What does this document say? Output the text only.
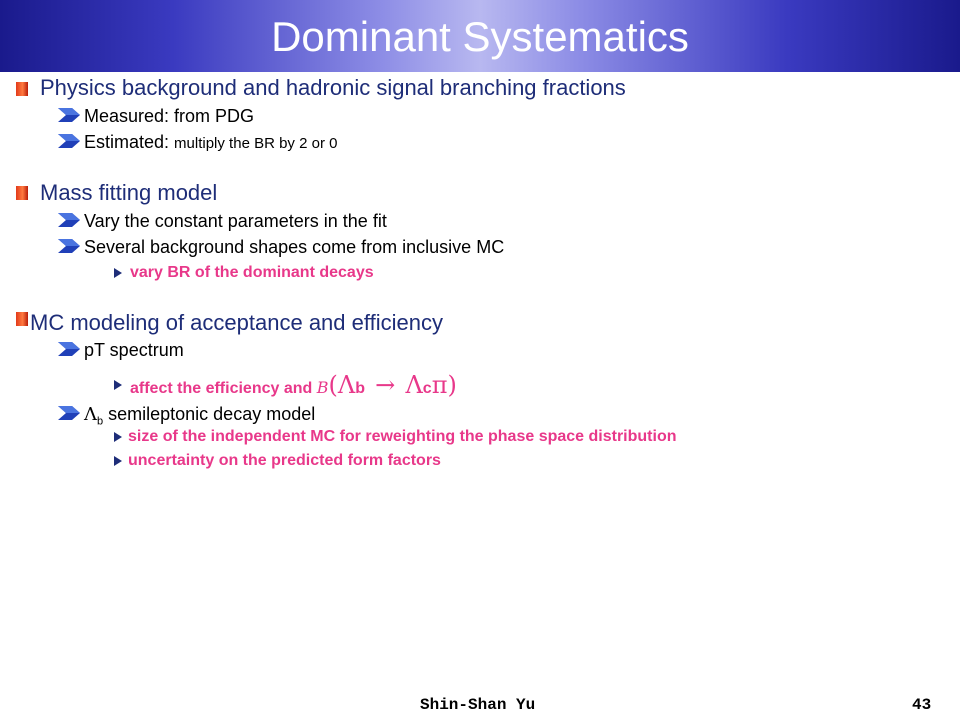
Dominant Systematics
Physics background and hadronic signal branching fractions
Measured: from PDG
Estimated: multiply the BR by 2 or 0
Mass fitting model
Vary the constant parameters in the fit
Several background shapes come from inclusive MC
vary BR of the dominant decays
MC modeling of acceptance and efficiency
pT spectrum
affect the efficiency and B(Λb → Λcπ)
$\Lambda_b$ semileptonic decay model
size of the independent MC for reweighting the phase space distribution
uncertainty on the predicted form factors
Shin-Shan Yu	43
